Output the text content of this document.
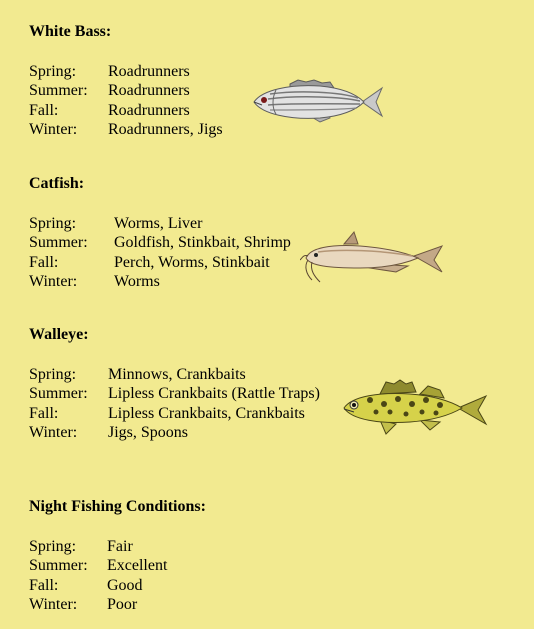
White Bass:
Spring:	Roadrunners
Summer:	Roadrunners
Fall:	Roadrunners
Winter:	Roadrunners, Jigs
Catfish:
Spring:	Worms, Liver
Summer:	Goldfish, Stinkbait, Shrimp
Fall:	Perch, Worms, Stinkbait
Winter:	Worms
Walleye:
Spring:	Minnows, Crankbaits
Summer:	Lipless Crankbaits (Rattle Traps)
Fall:	Lipless Crankbaits, Crankbaits
Winter:	Jigs, Spoons
Night Fishing Conditions:
Spring:	Fair
Summer:	Excellent
Fall:	Good
Winter:	Poor
